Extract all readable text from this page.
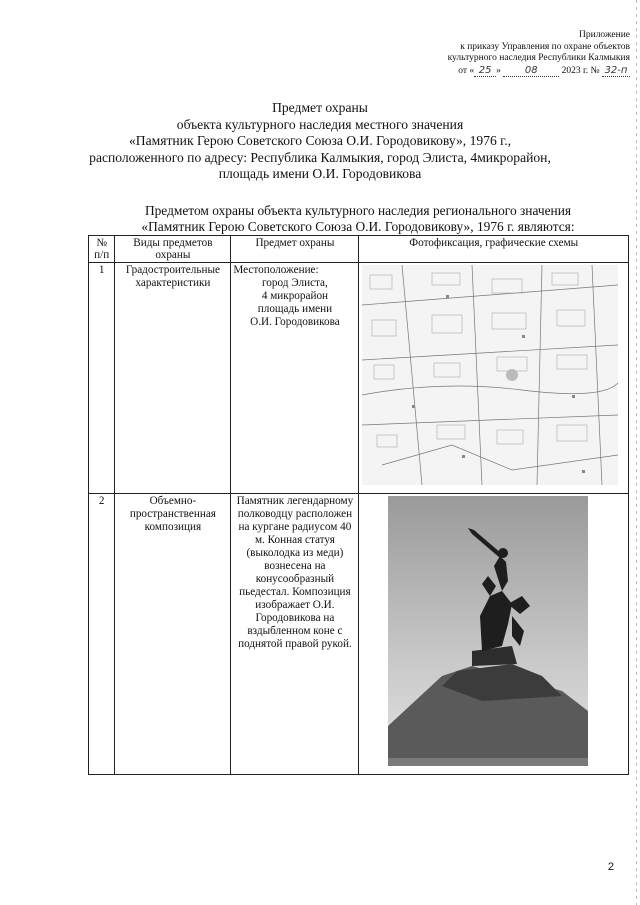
Приложение
к приказу Управления по охране объектов
культурного наследия Республики Калмыкия
от « 25 » 08	2023 г. № 32-п
Предмет охраны
объекта культурного наследия местного значения
«Памятник Герою Советского Союза О.И. Городовикову», 1976 г.,
расположенного по адресу: Республика Калмыкия, город Элиста, 4микрорайон,
площадь имени О.И. Городовикова
Предметом охраны объекта культурного наследия регионального значения
«Памятник Герою Советского Союза О.И. Городовикову», 1976 г. являются:
№ п/п	Виды предметов охраны	Предмет охраны	Фотофиксация, графические схемы
1	Градостроительные характеристики	Местоположение:
город Элиста,
4 микрорайон
площадь имени
О.И. Городовикова

2	Объемно-пространственная композиция	Памятник легендарному полководцу расположен на кургане радиусом 40 м. Конная статуя (выколодка из меди) вознесена на конусообразный пьедестал. Композиция изображает О.И. Городовикова на вздыбленном коне с поднятой правой рукой.	
2
